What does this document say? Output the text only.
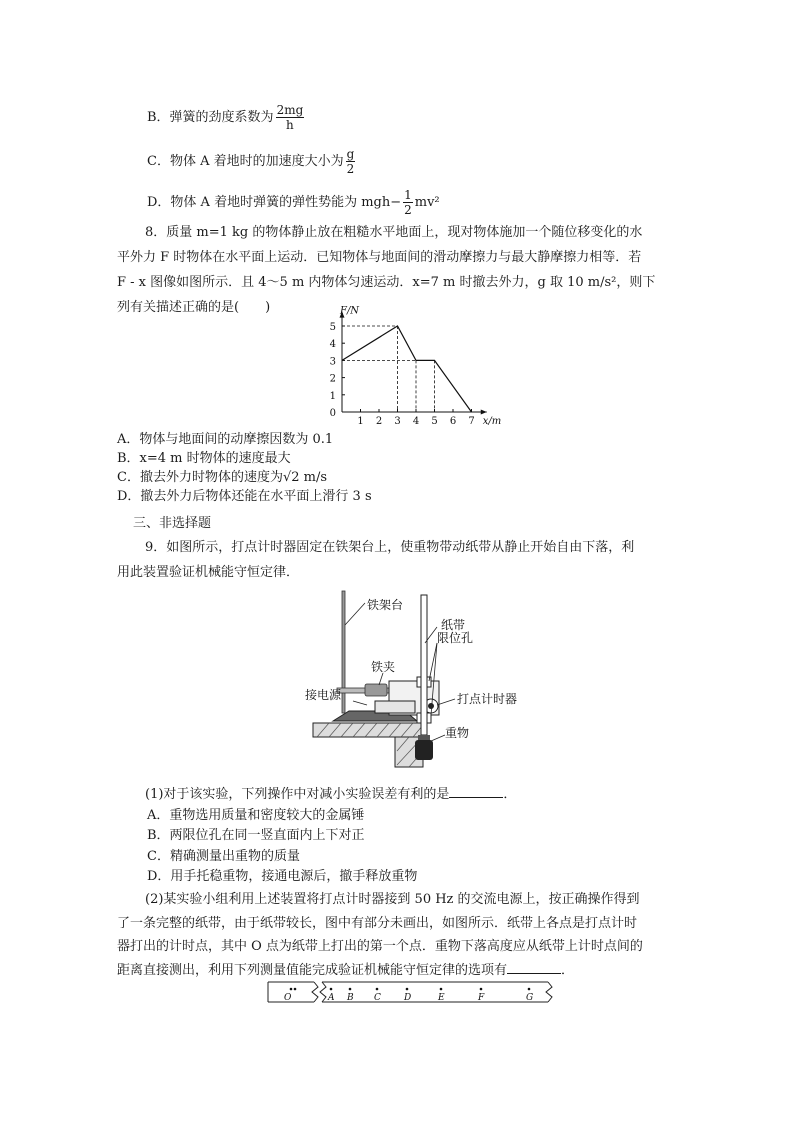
B．弹簧的劲度系数为 $\frac{2mg}{h}$
C．物体 A 着地时的加速度大小为 $\frac{g}{2}$
D．物体 A 着地时弹簧的弹性势能为 $mgh- \frac{1}{2} mv^2$
8．质量 m=1 kg 的物体静止放在粗糙水平地面上，现对物体施加一个随位移变化的水
平外力 F 时物体在水平面上运动．已知物体与地面间的滑动摩擦力与最大静摩擦力相等．若
F - x 图像如图所示．且 4～5 m 内物体匀速运动．x=7 m 时撤去外力，g 取 10 m/s²，则下
列有关描述正确的是(　　)
1 2 3 4 5 6 7
1
2
3
4
5
0
F/N
x/m
A．物体与地面间的动摩擦因数为 0.1
B．x=4 m 时物体的速度最大
C．撤去外力时物体的速度为√2 m/s
D．撤去外力后物体还能在水平面上滑行 3 s
三、非选择题
9．如图所示，打点计时器固定在铁架台上，使重物带动纸带从静止开始自由下落，利
用此装置验证机械能守恒定律．
铁架台
纸带
铁夹
限位孔
打点计时器
接电源
重物
(1)对于该实验，下列操作中对减小实验误差有利的是	．
A．重物选用质量和密度较大的金属锤
B．两限位孔在同一竖直面内上下对正
C．精确测量出重物的质量
D．用手托稳重物，接通电源后，撤手释放重物
(2)某实验小组利用上述装置将打点计时器接到 50 Hz 的交流电源上，按正确操作得到
了一条完整的纸带，由于纸带较长，图中有部分未画出，如图所示．纸带上各点是打点计时
器打出的计时点，其中 O 点为纸带上打出的第一个点．重物下落高度应从纸带上计时点间的
距离直接测出，利用下列测量值能完成验证机械能守恒定律的选项有	．
O	A B C	D	E	F	G
